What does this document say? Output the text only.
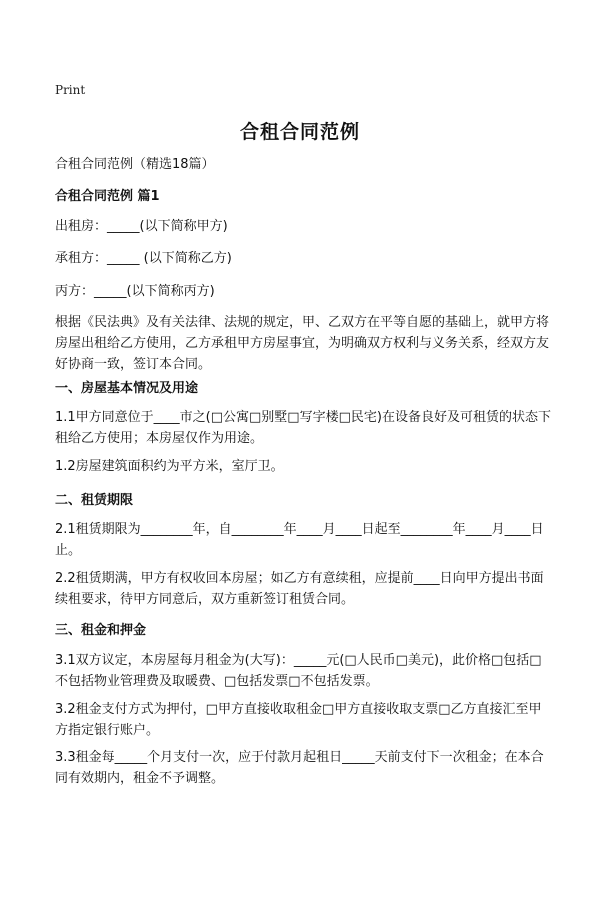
Print
合租合同范例

合租合同范例（精选18篇）

合租合同范例 篇1

出租房：_____(以下简称甲方)

承租方：_____ (以下简称乙方)

丙方：_____(以下简称丙方)

根据《民法典》及有关法律、法规的规定，甲、乙双方在平等自愿的基础上，就甲方将房屋出租给乙方使用，乙方承租甲方房屋事宜，为明确双方权利与义务关系，经双方友好协商一致，签订本合同。

一、房屋基本情况及用途

1.1甲方同意位于____市之(□公寓□别墅□写字楼□民宅)在设备良好及可租赁的状态下租给乙方使用；本房屋仅作为用途。

1.2房屋建筑面积约为平方米，室厅卫。

二、租赁期限

2.1租赁期限为________年，自________年____月____日起至________年____月____日止。

2.2租赁期满，甲方有权收回本房屋；如乙方有意续租，应提前____日向甲方提出书面续租要求，待甲方同意后，双方重新签订租赁合同。

三、租金和押金

3.1双方议定，本房屋每月租金为(大写)：_____元(□人民币□美元)，此价格□包括□不包括物业管理费及取暖费、□包括发票□不包括发票。

3.2租金支付方式为押付，□甲方直接收取租金□甲方直接收取支票□乙方直接汇至甲方指定银行账户。

3.3租金每_____个月支付一次，应于付款月起租日_____天前支付下一次租金；在本合同有效期内，租金不予调整。
